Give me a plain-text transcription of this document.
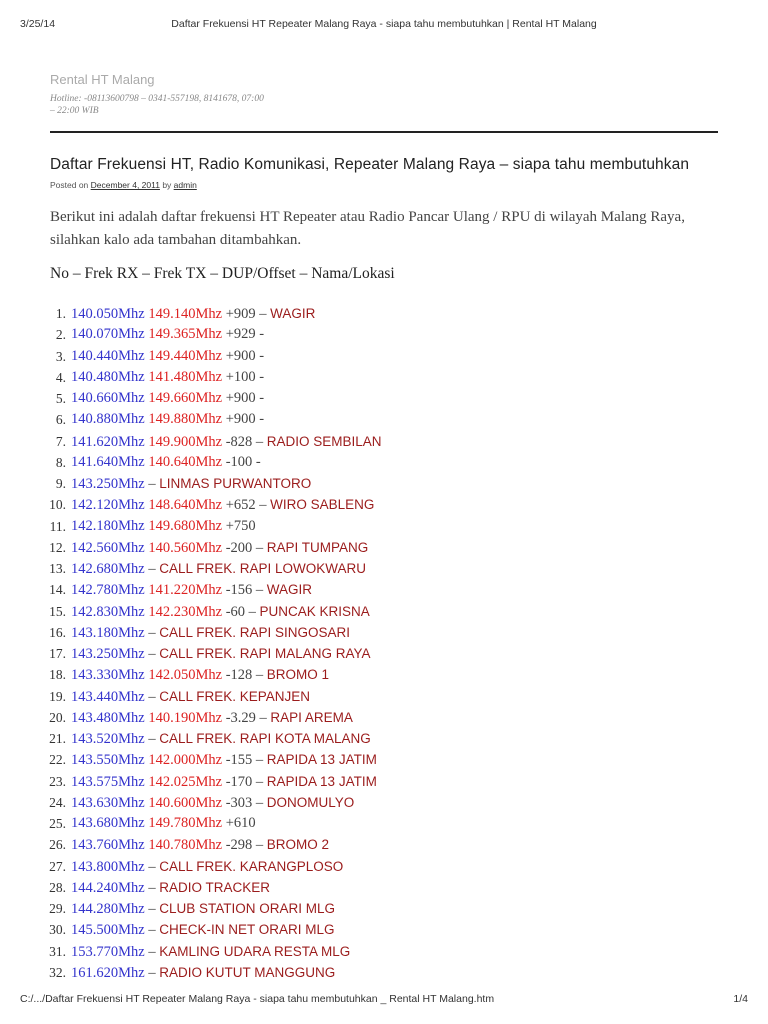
3/25/14	Daftar Frekuensi HT Repeater Malang Raya - siapa tahu membutuhkan | Rental HT Malang
Rental HT Malang
Hotline: -08113600798 – 0341-557198, 8141678, 07:00 – 22:00 WIB
Daftar Frekuensi HT, Radio Komunikasi, Repeater Malang Raya – siapa tahu membutuhkan
Posted on December 4, 2011 by admin
Berikut ini adalah daftar frekuensi HT Repeater atau Radio Pancar Ulang / RPU di wilayah Malang Raya, silahkan kalo ada tambahan ditambahkan.
No – Frek RX – Frek TX – DUP/Offset – Nama/Lokasi
1. 140.050Mhz 149.140Mhz +909 – WAGIR
2. 140.070Mhz 149.365Mhz +929 -
3. 140.440Mhz 149.440Mhz +900 -
4. 140.480Mhz 141.480Mhz +100 -
5. 140.660Mhz 149.660Mhz +900 -
6. 140.880Mhz 149.880Mhz +900 -
7. 141.620Mhz 149.900Mhz -828 – RADIO SEMBILAN
8. 141.640Mhz 140.640Mhz -100 -
9. 143.250Mhz – LINMAS PURWANTORO
10. 142.120Mhz 148.640Mhz +652 – WIRO SABLENG
11. 142.180Mhz 149.680Mhz +750
12. 142.560Mhz 140.560Mhz -200 – RAPI TUMPANG
13. 142.680Mhz – CALL FREK. RAPI LOWOKWARU
14. 142.780Mhz 141.220Mhz -156 – WAGIR
15. 142.830Mhz 142.230Mhz -60 – PUNCAK KRISNA
16. 143.180Mhz – CALL FREK. RAPI SINGOSARI
17. 143.250Mhz – CALL FREK. RAPI MALANG RAYA
18. 143.330Mhz 142.050Mhz -128 – BROMO 1
19. 143.440Mhz – CALL FREK. KEPANJEN
20. 143.480Mhz 140.190Mhz -3.29 – RAPI AREMA
21. 143.520Mhz – CALL FREK. RAPI KOTA MALANG
22. 143.550Mhz 142.000Mhz -155 – RAPIDA 13 JATIM
23. 143.575Mhz 142.025Mhz -170 – RAPIDA 13 JATIM
24. 143.630Mhz 140.600Mhz -303 – DONOMULYO
25. 143.680Mhz 149.780Mhz +610
26. 143.760Mhz 140.780Mhz -298 – BROMO 2
27. 143.800Mhz – CALL FREK. KARANGPLOSO
28. 144.240Mhz – RADIO TRACKER
29. 144.280Mhz – CLUB STATION ORARI MLG
30. 145.500Mhz – CHECK-IN NET ORARI MLG
31. 153.770Mhz – KAMLING UDARA RESTA MLG
32. 161.620Mhz – RADIO KUTUT MANGGUNG
C:/.../Daftar Frekuensi HT Repeater Malang Raya - siapa tahu membutuhkan _ Rental HT Malang.htm	1/4
